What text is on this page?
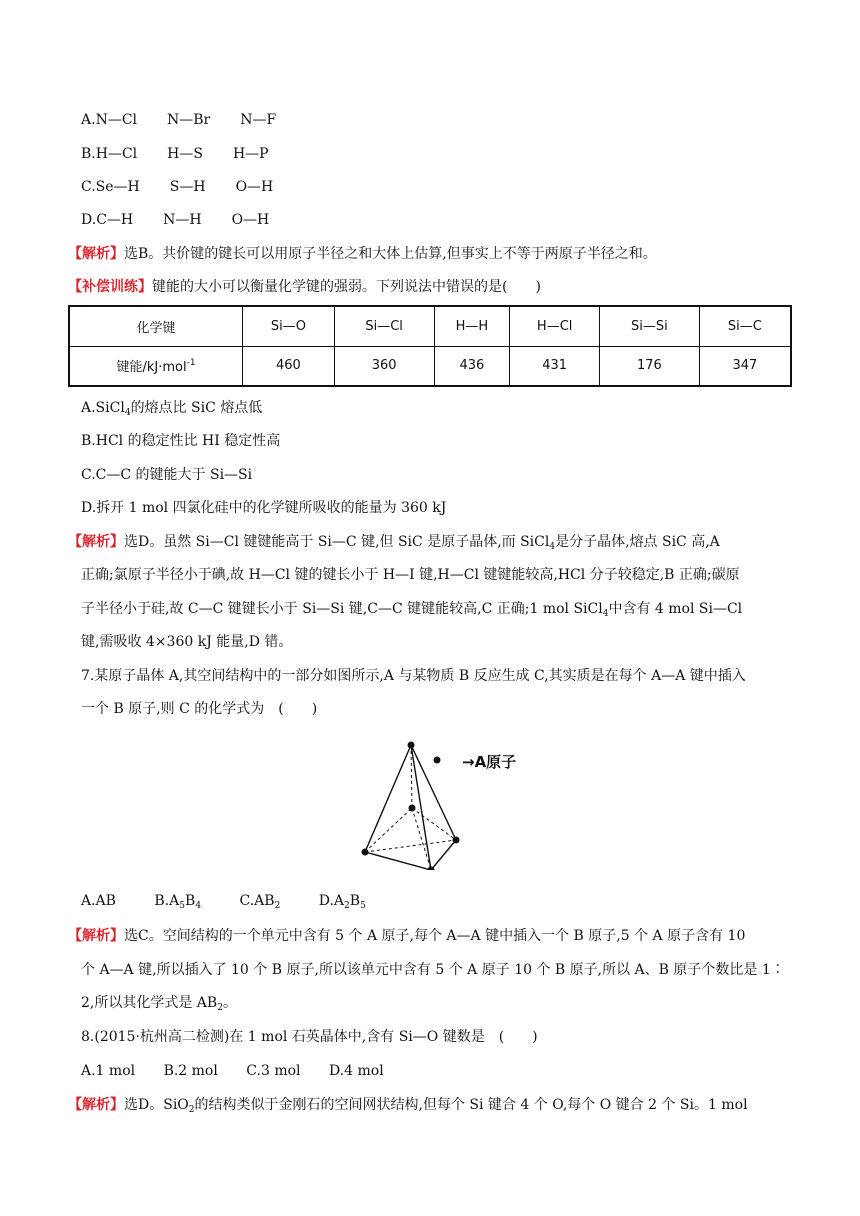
A.N—Cl N—Br N—F
B.H—Cl H—S H—P
C.Se—H S—H O—H
D.C—H N—H O—H
【解析】选B。共价键的键长可以用原子半径之和大体上估算,但事实上不等于两原子半径之和。
【补偿训练】键能的大小可以衡量化学键的强弱。下列说法中错误的是(　　)
化学键	Si—O	Si—Cl	H—H	H—Cl	Si—Si	Si—C
键能/kJ·mol$^{-1}$	460	360	436	431	176	347
A.SiCl$_4$的熔点比 SiC 熔点低
B.HCl 的稳定性比 HI 稳定性高
C.C—C 的键能大于 Si—Si
D.拆开 1 mol 四氯化硅中的化学键所吸收的能量为 360 kJ
【解析】选D。虽然 Si—Cl 键键能高于 Si—C 键,但 SiC 是原子晶体,而 SiCl$_4$是分子晶体,熔点 SiC 高,A
正确;氯原子半径小于碘,故 H—Cl 键的键长小于 H—I 键,H—Cl 键键能较高,HCl 分子较稳定,B 正确;碳原
子半径小于硅,故 C—C 键键长小于 Si—Si 键,C—C 键键能较高,C 正确;1 mol SiCl$_4$中含有 4 mol Si—Cl
键,需吸收 4×360 kJ 能量,D 错。
7.某原子晶体 A,其空间结构中的一部分如图所示,A 与某物质 B 反应生成 C,其实质是在每个 A—A 键中插入
一个 B 原子,则 C 的化学式为　(　　)
→A原子
A.AB	$B.A_5B_4$	$C.AB_2$	$D.A_2B_5$
【解析】选C。空间结构的一个单元中含有 5 个 A 原子,每个 A—A 键中插入一个 B 原子,5 个 A 原子含有 10
个 A—A 键,所以插入了 10 个 B 原子,所以该单元中含有 5 个 A 原子 10 个 B 原子,所以 A、B 原子个数比是 1∶
2,所以其化学式是 $AB_2$。
8.(2015·杭州高二检测)在 1 mol 石英晶体中,含有 Si—O 键数是　(　　)
A.1 mol B.2 mol C.3 mol D.4 mol
【解析】选D。SiO$_2$的结构类似于金刚石的空间网状结构,但每个 Si 键合 4 个 O,每个 O 键合 2 个 Si。1 mol
